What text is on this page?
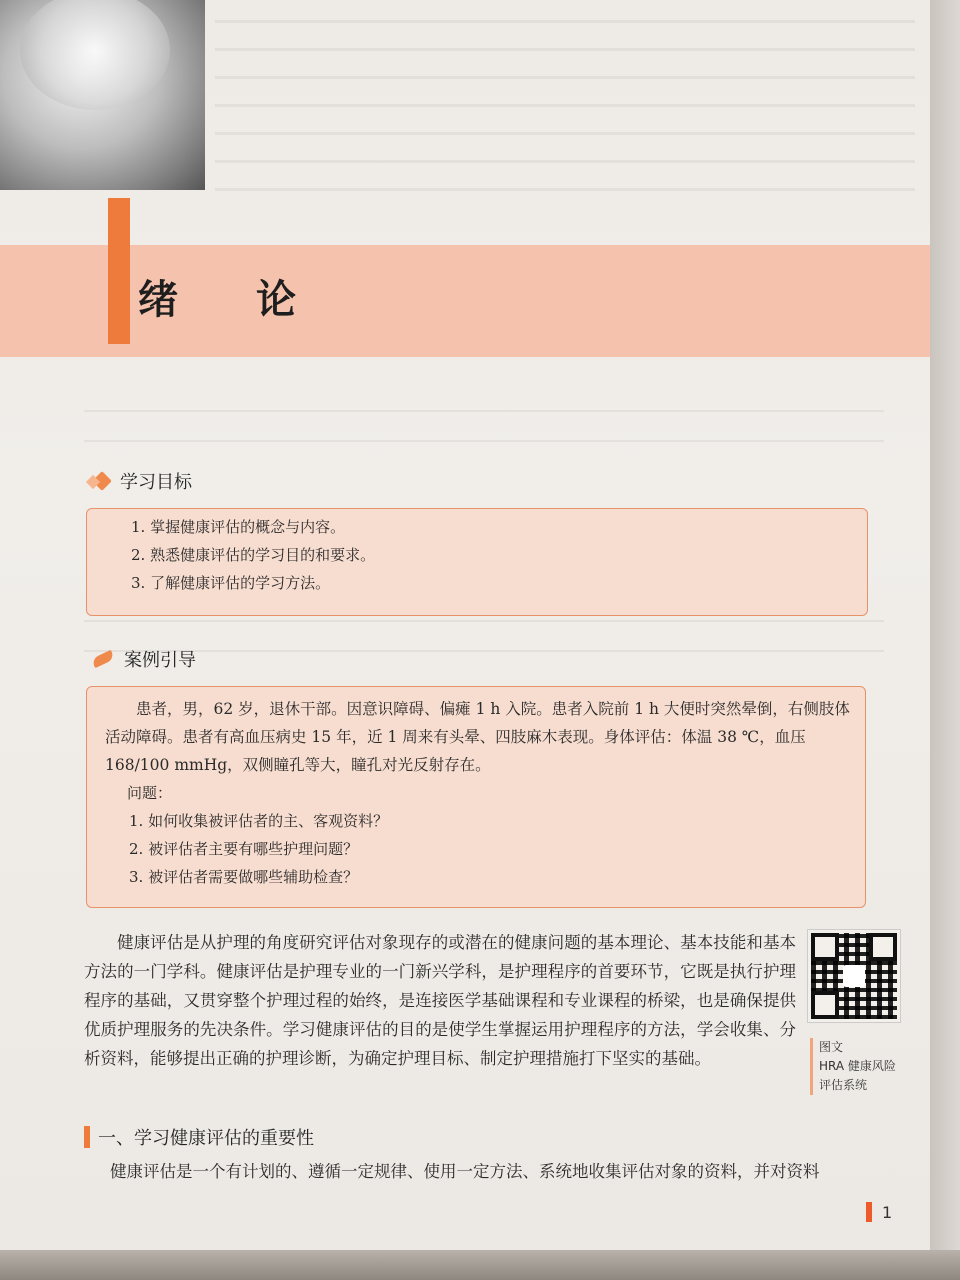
绪论
学习目标
1. 掌握健康评估的概念与内容。
2. 熟悉健康评估的学习目的和要求。
3. 了解健康评估的学习方法。
案例引导

患者，男，62 岁，退休干部。因意识障碍、偏瘫 1 h 入院。患者入院前 1 h 大便时突然晕倒，右侧肢体活动障碍。患者有高血压病史 15 年，近 1 周来有头晕、四肢麻木表现。身体评估：体温 38 ℃，血压 168/100 mmHg，双侧瞳孔等大，瞳孔对光反射存在。

问题：
1. 如何收集被评估者的主、客观资料？
2. 被评估者主要有哪些护理问题？
3. 被评估者需要做哪些辅助检查？

健康评估是从护理的角度研究评估对象现存的或潜在的健康问题的基本理论、基本技能和基本方法的一门学科。健康评估是护理专业的一门新兴学科，是护理程序的首要环节，它既是执行护理程序的基础，又贯穿整个护理过程的始终，是连接医学基础课程和专业课程的桥梁，也是确保提供优质护理服务的先决条件。学习健康评估的目的是使学生掌握运用护理程序的方法，学会收集、分析资料，能够提出正确的护理诊断，为确定护理目标、制定护理措施打下坚实的基础。

图文
HRA 健康风险
评估系统
一、学习健康评估的重要性
健康评估是一个有计划的、遵循一定规律、使用一定方法、系统地收集评估对象的资料，并对资料
1
